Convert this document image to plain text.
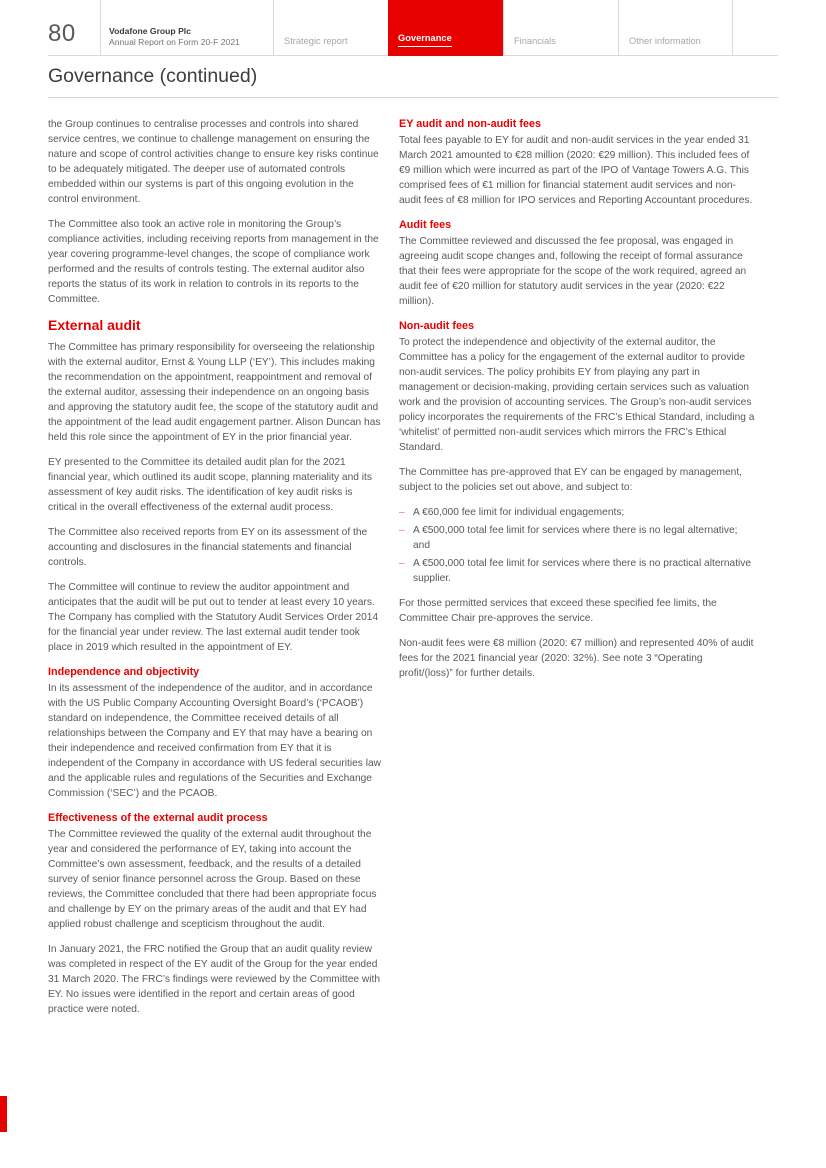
80	Vodafone Group Plc
Annual Report on Form 20-F 2021	Strategic report	Governance	Financials	Other information
Governance (continued)

the Group continues to centralise processes and controls into shared service centres, we continue to challenge management on ensuring the nature and scope of control activities change to ensure key risks continue to be adequately mitigated. The deeper use of automated controls embedded within our systems is part of this ongoing evolution in the control environment.

The Committee also took an active role in monitoring the Group’s compliance activities, including receiving reports from management in the year covering programme-level changes, the scope of compliance work performed and the results of controls testing. The external auditor also reports the status of its work in relation to controls in its reports to the Committee.

External audit

The Committee has primary responsibility for overseeing the relationship with the external auditor, Ernst & Young LLP (‘EY’). This includes making the recommendation on the appointment, reappointment and removal of the external auditor, assessing their independence on an ongoing basis and approving the statutory audit fee, the scope of the statutory audit and the appointment of the lead audit engagement partner. Alison Duncan has held this role since the appointment of EY in the prior financial year.

EY presented to the Committee its detailed audit plan for the 2021 financial year, which outlined its audit scope, planning materiality and its assessment of key audit risks. The identification of key audit risks is critical in the overall effectiveness of the external audit process.

The Committee also received reports from EY on its assessment of the accounting and disclosures in the financial statements and financial controls.

The Committee will continue to review the auditor appointment and anticipates that the audit will be put out to tender at least every 10 years. The Company has complied with the Statutory Audit Services Order 2014 for the financial year under review. The last external audit tender took place in 2019 which resulted in the appointment of EY.

Independence and objectivity

In its assessment of the independence of the auditor, and in accordance with the US Public Company Accounting Oversight Board’s (‘PCAOB’) standard on independence, the Committee received details of all relationships between the Company and EY that may have a bearing on their independence and received confirmation from EY that it is independent of the Company in accordance with US federal securities law and the applicable rules and regulations of the Securities and Exchange Commission (‘SEC’) and the PCAOB.

Effectiveness of the external audit process

The Committee reviewed the quality of the external audit throughout the year and considered the performance of EY, taking into account the Committee’s own assessment, feedback, and the results of a detailed survey of senior finance personnel across the Group. Based on these reviews, the Committee concluded that there had been appropriate focus and challenge by EY on the primary areas of the audit and that EY had applied robust challenge and scepticism throughout the audit.

In January 2021, the FRC notified the Group that an audit quality review was completed in respect of the EY audit of the Group for the year ended 31 March 2020. The FRC’s findings were reviewed by the Committee with EY. No issues were identified in the report and certain areas of good practice were noted.

EY audit and non-audit fees

Total fees payable to EY for audit and non-audit services in the year ended 31 March 2021 amounted to €28 million (2020: €29 million). This included fees of €9 million which were incurred as part of the IPO of Vantage Towers A.G. This comprised fees of €1 million for financial statement audit services and non-audit fees of €8 million for IPO services and Reporting Accountant procedures.

Audit fees

The Committee reviewed and discussed the fee proposal, was engaged in agreeing audit scope changes and, following the receipt of formal assurance that their fees were appropriate for the scope of the work required, agreed an audit fee of €20 million for statutory audit services in the year (2020: €22 million).

Non-audit fees

To protect the independence and objectivity of the external auditor, the Committee has a policy for the engagement of the external auditor to provide non-audit services. The policy prohibits EY from playing any part in management or decision-making, providing certain services such as valuation work and the provision of accounting services. The Group’s non-audit services policy incorporates the requirements of the FRC’s Ethical Standard, including a ‘whitelist’ of permitted non-audit services which mirrors the FRC’s Ethical Standard.

The Committee has pre-approved that EY can be engaged by management, subject to the policies set out above, and subject to:

– A €60,000 fee limit for individual engagements;
– A €500,000 total fee limit for services where there is no legal alternative; and
– A €500,000 total fee limit for services where there is no practical alternative supplier.

For those permitted services that exceed these specified fee limits, the Committee Chair pre-approves the service.

Non-audit fees were €8 million (2020: €7 million) and represented 40% of audit fees for the 2021 financial year (2020: 32%). See note 3 “Operating profit/(loss)” for further details.
